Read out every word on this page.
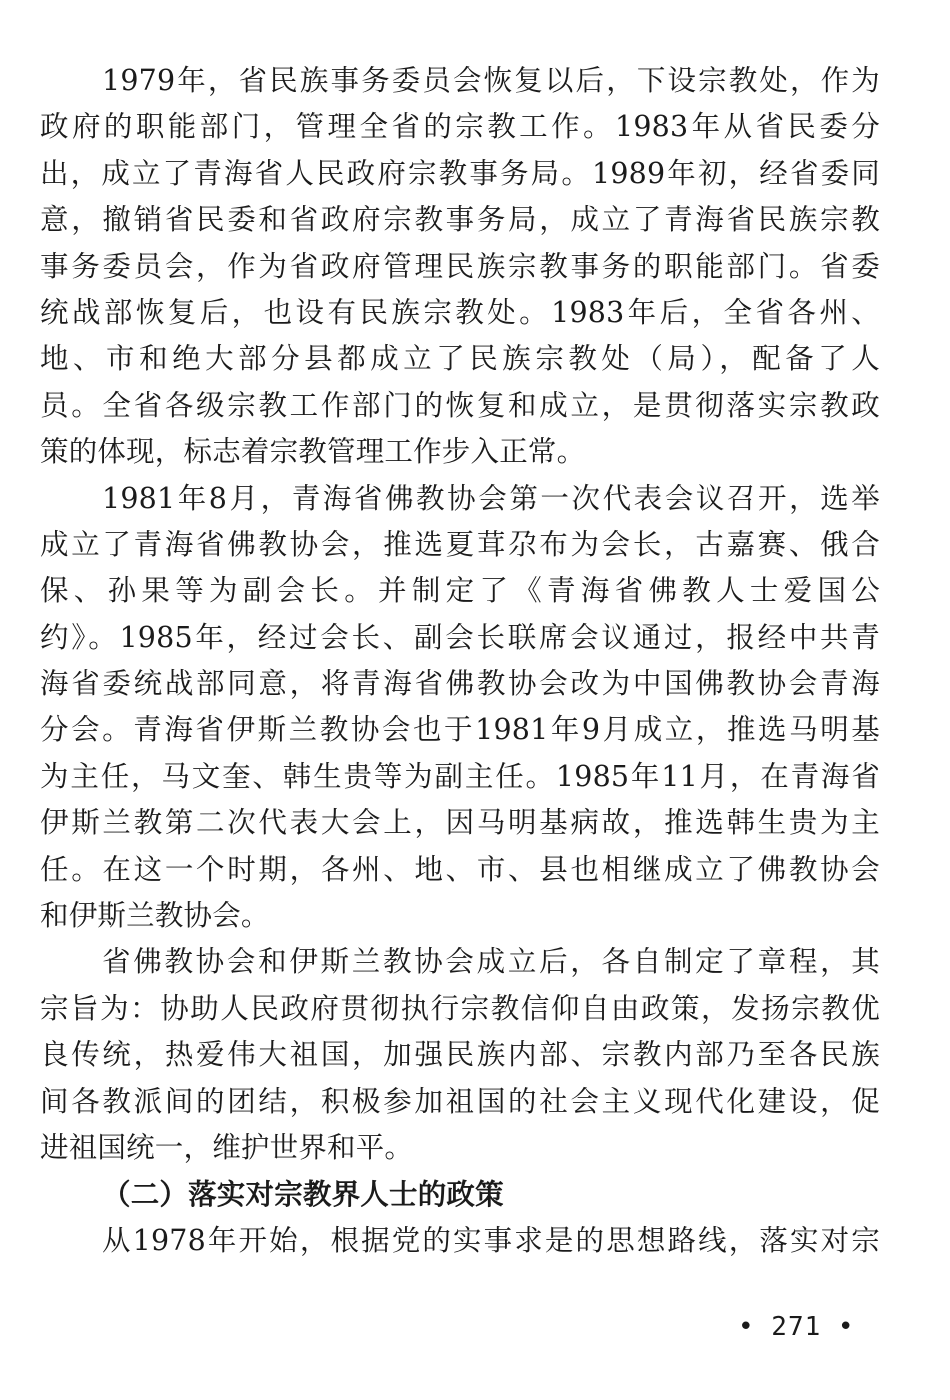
1979年，省民族事务委员会恢复以后，下设宗教处，作为
政府的职能部门，管理全省的宗教工作。1983年从省民委分
出，成立了青海省人民政府宗教事务局。1989年初，经省委同
意，撤销省民委和省政府宗教事务局，成立了青海省民族宗教
事务委员会，作为省政府管理民族宗教事务的职能部门。省委
统战部恢复后，也设有民族宗教处。1983年后，全省各州、
地、市和绝大部分县都成立了民族宗教处（局），配备了人
员。全省各级宗教工作部门的恢复和成立，是贯彻落实宗教政
策的体现，标志着宗教管理工作步入正常。
1981年8月，青海省佛教协会第一次代表会议召开，选举
成立了青海省佛教协会，推选夏茸尕布为会长，古嘉赛、俄合
保、孙果等为副会长。并制定了《青海省佛教人士爱国公
约》。1985年，经过会长、副会长联席会议通过，报经中共青
海省委统战部同意，将青海省佛教协会改为中国佛教协会青海
分会。青海省伊斯兰教协会也于1981年9月成立，推选马明基
为主任，马文奎、韩生贵等为副主任。1985年11月，在青海省
伊斯兰教第二次代表大会上，因马明基病故，推选韩生贵为主
任。在这一个时期，各州、地、市、县也相继成立了佛教协会
和伊斯兰教协会。
省佛教协会和伊斯兰教协会成立后，各自制定了章程，其
宗旨为：协助人民政府贯彻执行宗教信仰自由政策，发扬宗教优
良传统，热爱伟大祖国，加强民族内部、宗教内部乃至各民族
间各教派间的团结，积极参加祖国的社会主义现代化建设，促
进祖国统一，维护世界和平。
（二）落实对宗教界人士的政策
从1978年开始，根据党的实事求是的思想路线，落实对宗
• 271 •
